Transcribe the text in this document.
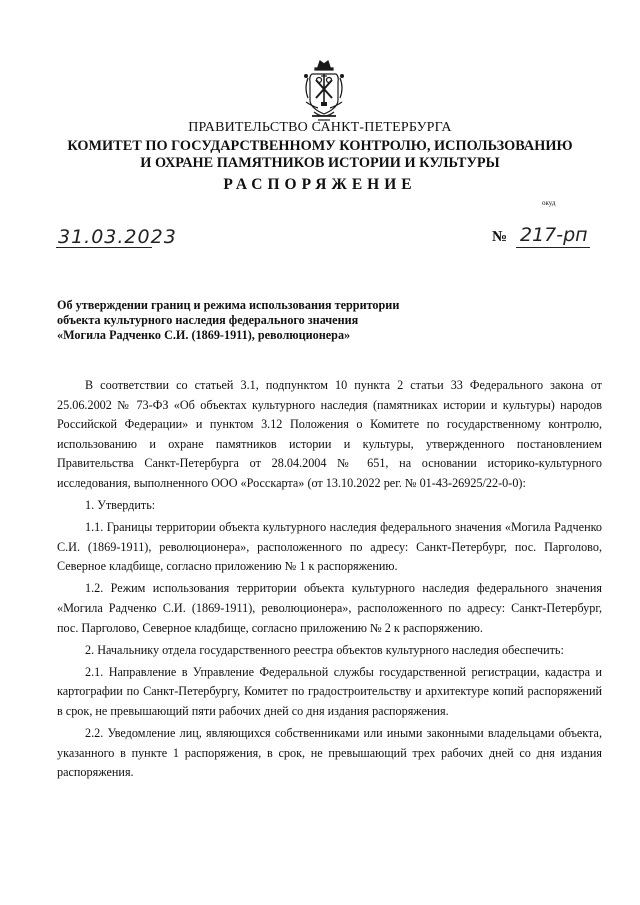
ПРАВИТЕЛЬСТВО САНКТ-ПЕТЕРБУРГА
КОМИТЕТ ПО ГОСУДАРСТВЕННОМУ КОНТРОЛЮ, ИСПОЛЬЗОВАНИЮ
И ОХРАНЕ ПАМЯТНИКОВ ИСТОРИИ И КУЛЬТУРЫ
РАСПОРЯЖЕНИЕ
окуд
31.03.2023	№ 217-рп
Об утверждении границ и режима использования территории
объекта культурного наследия федерального значения
«Могила Радченко С.И. (1869-1911), революционера»

В соответствии со статьей 3.1, подпунктом 10 пункта 2 статьи 33 Федерального закона от 25.06.2002 № 73-ФЗ «Об объектах культурного наследия (памятниках истории и культуры) народов Российской Федерации» и пунктом 3.12 Положения о Комитете по государственному контролю, использованию и охране памятников истории и культуры, утвержденного постановлением Правительства Санкт-Петербурга от 28.04.2004 № 651, на основании историко-культурного исследования, выполненного ООО «Росскарта» (от 13.10.2022 рег. № 01-43-26925/22-0-0):

1. Утвердить:

1.1. Границы территории объекта культурного наследия федерального значения «Могила Радченко С.И. (1869-1911), революционера», расположенного по адресу: Санкт-Петербург, пос. Парголово, Северное кладбище, согласно приложению № 1 к распоряжению.

1.2. Режим использования территории объекта культурного наследия федерального значения «Могила Радченко С.И. (1869-1911), революционера», расположенного по адресу: Санкт-Петербург, пос. Парголово, Северное кладбище, согласно приложению № 2 к распоряжению.

2. Начальнику отдела государственного реестра объектов культурного наследия обеспечить:

2.1. Направление в Управление Федеральной службы государственной регистрации, кадастра и картографии по Санкт-Петербургу, Комитет по градостроительству и архитектуре копий распоряжений в срок, не превышающий пяти рабочих дней со дня издания распоряжения.

2.2. Уведомление лиц, являющихся собственниками или иными законными владельцами объекта, указанного в пункте 1 распоряжения, в срок, не превышающий трех рабочих дней со дня издания распоряжения.
